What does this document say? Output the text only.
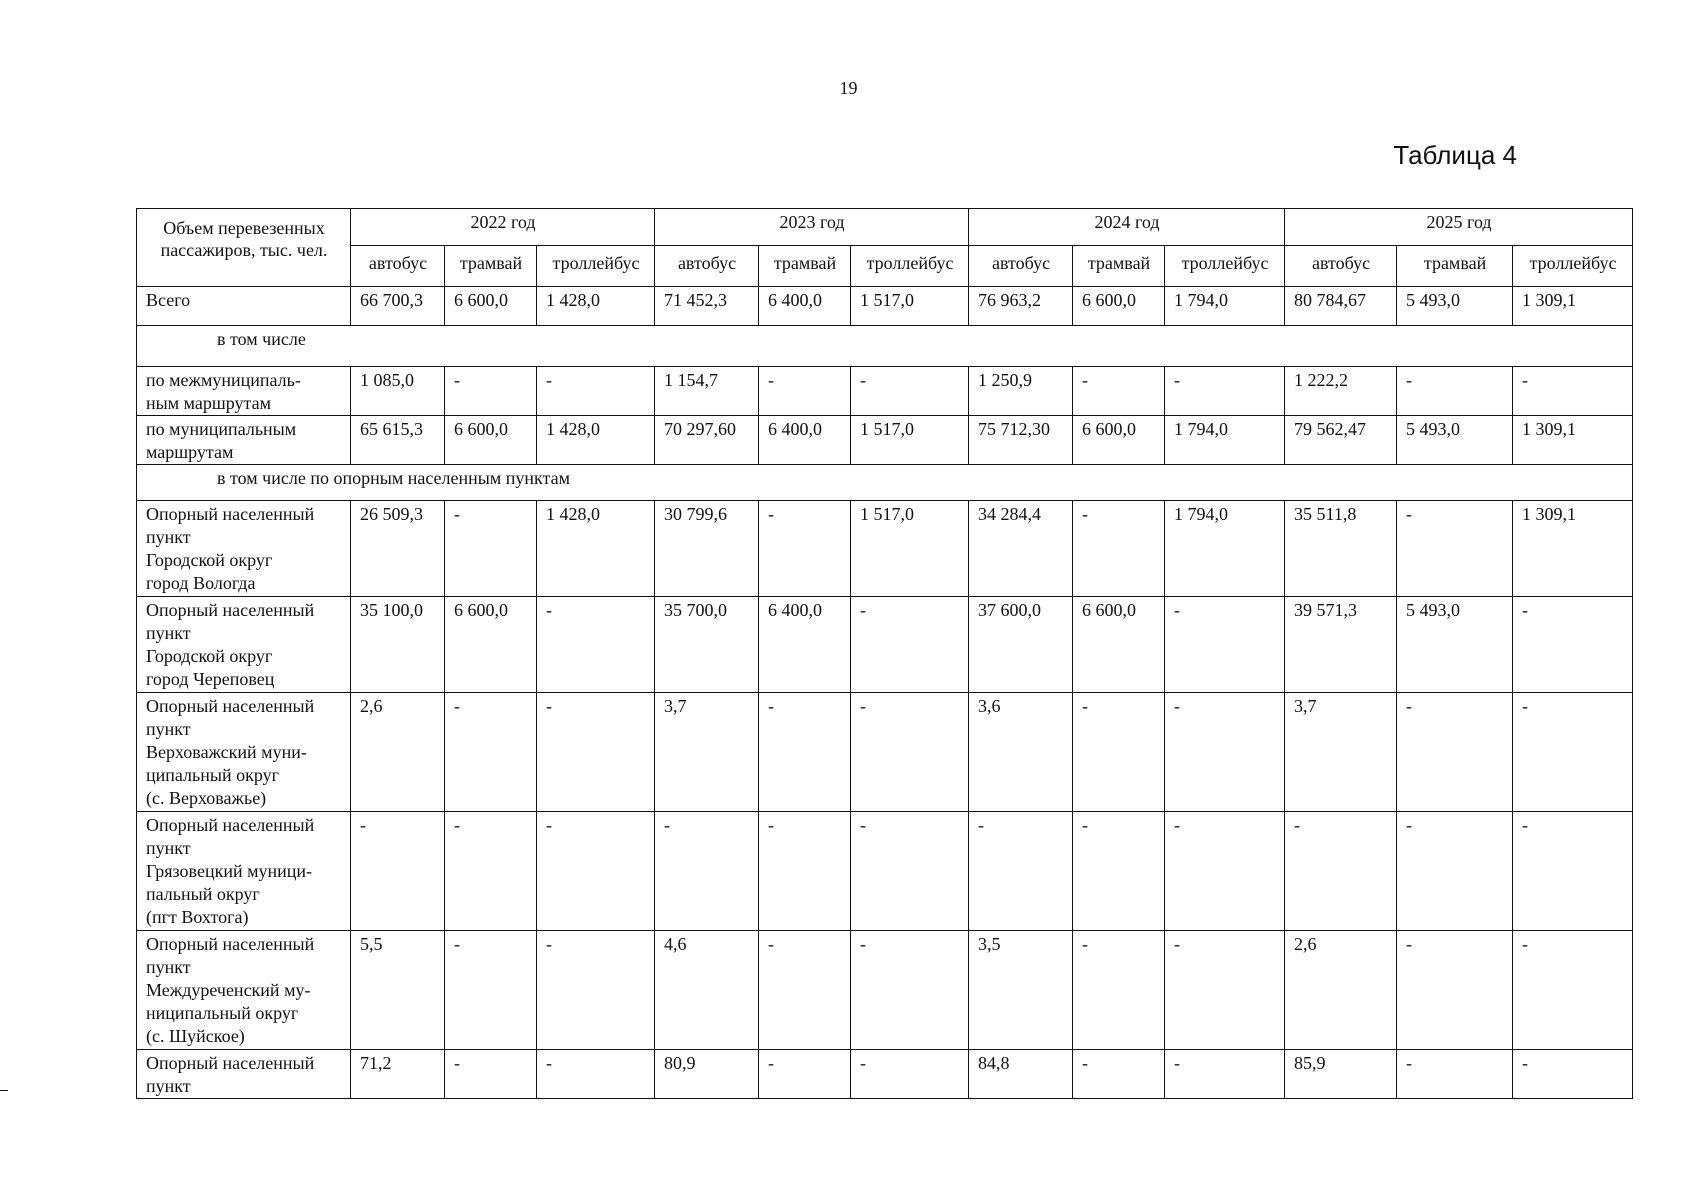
19
Таблица 4
Объем перевезенных пассажиров, тыс. чел.	2022 год			2023 год			2024 год			2025 год		
	автобус	трамвай	троллейбус	автобус	трамвай	троллейбус	автобус	трамвай	троллейбус	автобус	трамвай	троллейбус
Всего	66 700,3	6 600,0	1 428,0	71 452,3	6 400,0	1 517,0	76 963,2	6 600,0	1 794,0	80 784,67	5 493,0	1 309,1
в том числе												
по межмуниципаль-
ным маршрутам	1 085,0	-	-	1 154,7	-	-	1 250,9	-	-	1 222,2	-	-
по муниципальным
маршрутам	65 615,3	6 600,0	1 428,0	70 297,60	6 400,0	1 517,0	75 712,30	6 600,0	1 794,0	79 562,47	5 493,0	1 309,1
в том числе по опорным населенным пунктам												
Опорный населенный
пункт
Городской округ
город Вологда	26 509,3	-	1 428,0	30 799,6	-	1 517,0	34 284,4	-	1 794,0	35 511,8	-	1 309,1
Опорный населенный
пункт
Городской округ
город Череповец	35 100,0	6 600,0	-	35 700,0	6 400,0	-	37 600,0	6 600,0	-	39 571,3	5 493,0	-
Опорный населенный
пункт
Верховажский муни-
ципальный округ
(с. Верховажье)	2,6	-	-	3,7	-	-	3,6	-	-	3,7	-	-
Опорный населенный
пункт
Грязовецкий муници-
пальный округ
(пгт Вохтога)	-	-	-	-	-	-	-	-	-	-	-	-
Опорный населенный
пункт
Междуреченский му-
ниципальный округ
(с. Шуйское)	5,5	-	-	4,6	-	-	3,5	-	-	2,6	-	-
Опорный населенный
пункт	71,2	-	-	80,9	-	-	84,8	-	-	85,9	-	-
